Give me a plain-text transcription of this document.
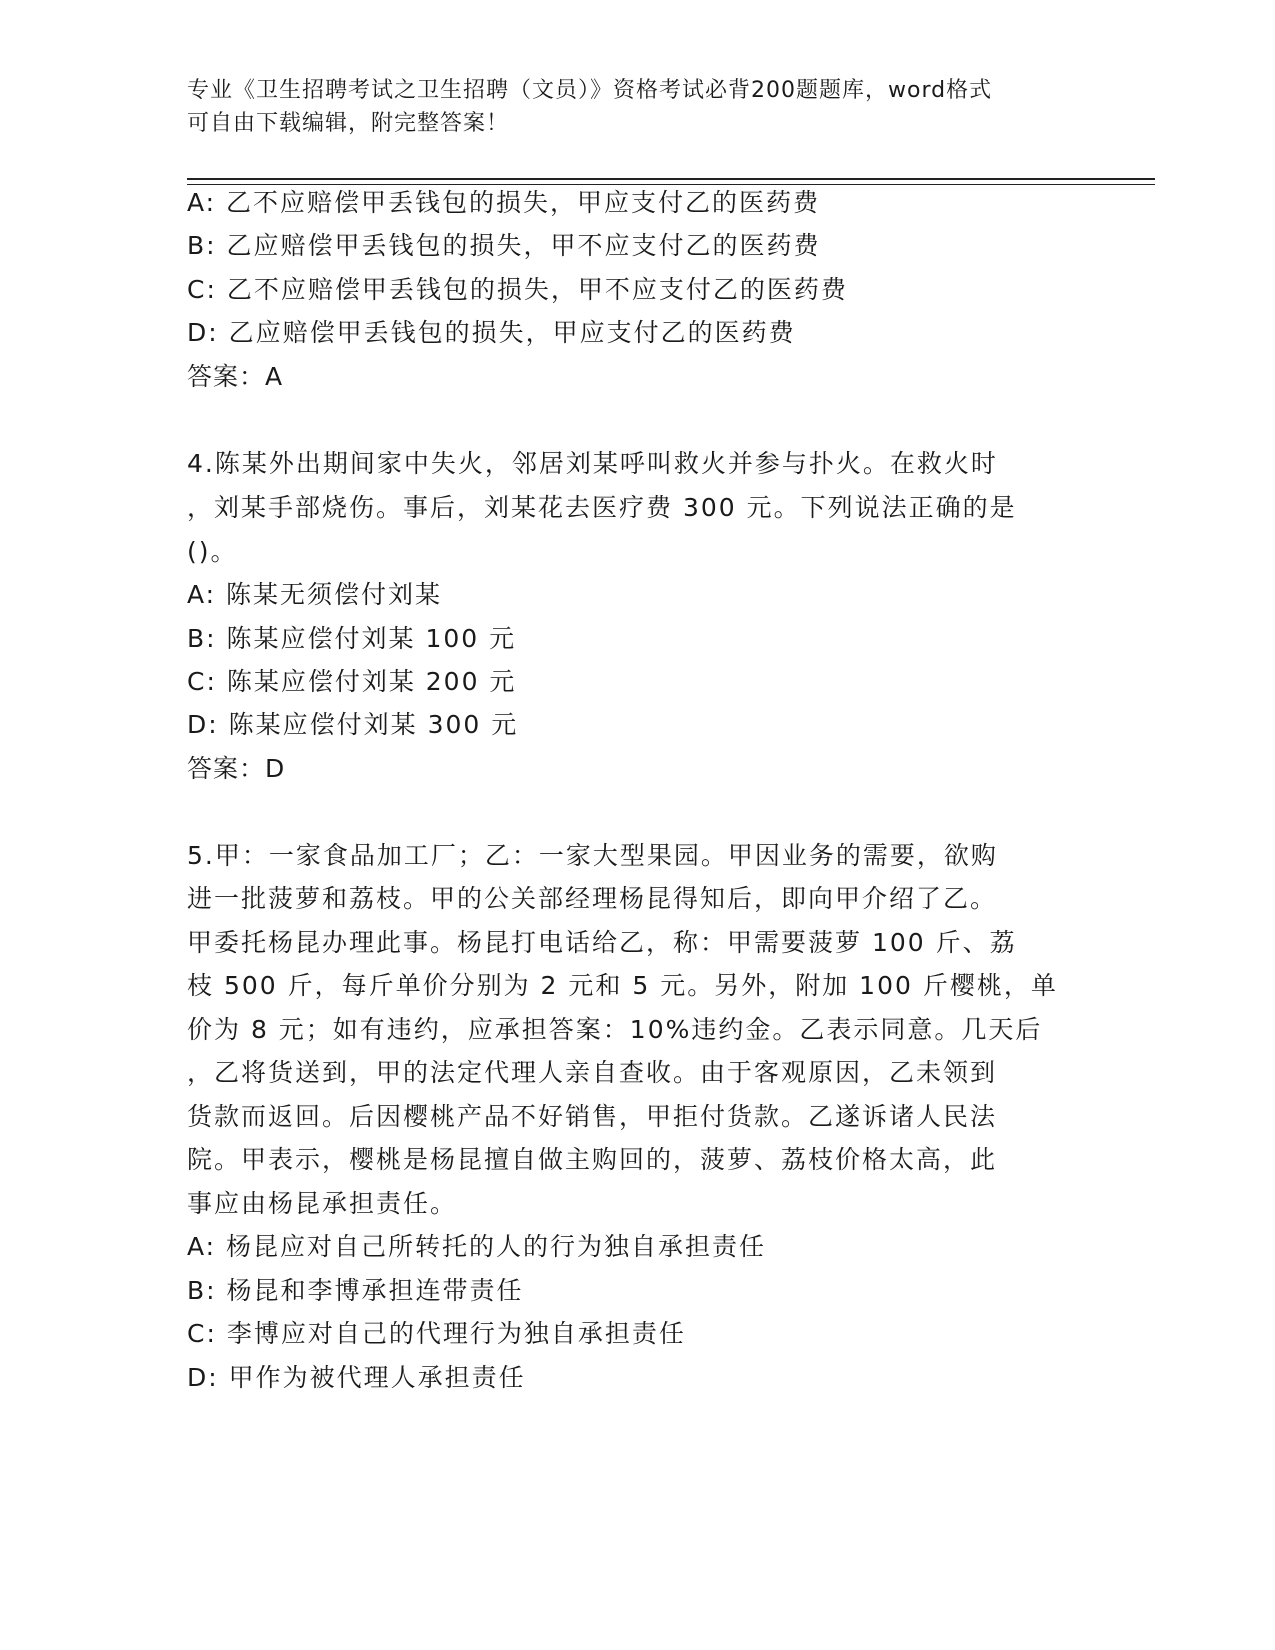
专业《卫生招聘考试之卫生招聘（文员）》资格考试必背200题题库，word格式
可自由下载编辑，附完整答案！
A: 乙不应赔偿甲丢钱包的损失，甲应支付乙的医药费
B: 乙应赔偿甲丢钱包的损失，甲不应支付乙的医药费
C: 乙不应赔偿甲丢钱包的损失，甲不应支付乙的医药费
D: 乙应赔偿甲丢钱包的损失，甲应支付乙的医药费
答案：A
4.陈某外出期间家中失火，邻居刘某呼叫救火并参与扑火。在救火时
，刘某手部烧伤。事后，刘某花去医疗费 300 元。下列说法正确的是
()。
A: 陈某无须偿付刘某
B: 陈某应偿付刘某 100 元
C: 陈某应偿付刘某 200 元
D: 陈某应偿付刘某 300 元
答案：D
5.甲：一家食品加工厂；乙：一家大型果园。甲因业务的需要，欲购
进一批菠萝和荔枝。甲的公关部经理杨昆得知后，即向甲介绍了乙。
甲委托杨昆办理此事。杨昆打电话给乙，称：甲需要菠萝 100 斤、荔
枝 500 斤，每斤单价分别为 2 元和 5 元。另外，附加 100 斤樱桃，单
价为 8 元；如有违约，应承担答案：10%违约金。乙表示同意。几天后
，乙将货送到，甲的法定代理人亲自查收。由于客观原因，乙未领到
货款而返回。后因樱桃产品不好销售，甲拒付货款。乙遂诉诸人民法
院。甲表示，樱桃是杨昆擅自做主购回的，菠萝、荔枝价格太高，此
事应由杨昆承担责任。
A: 杨昆应对自己所转托的人的行为独自承担责任
B: 杨昆和李博承担连带责任
C: 李博应对自己的代理行为独自承担责任
D: 甲作为被代理人承担责任
